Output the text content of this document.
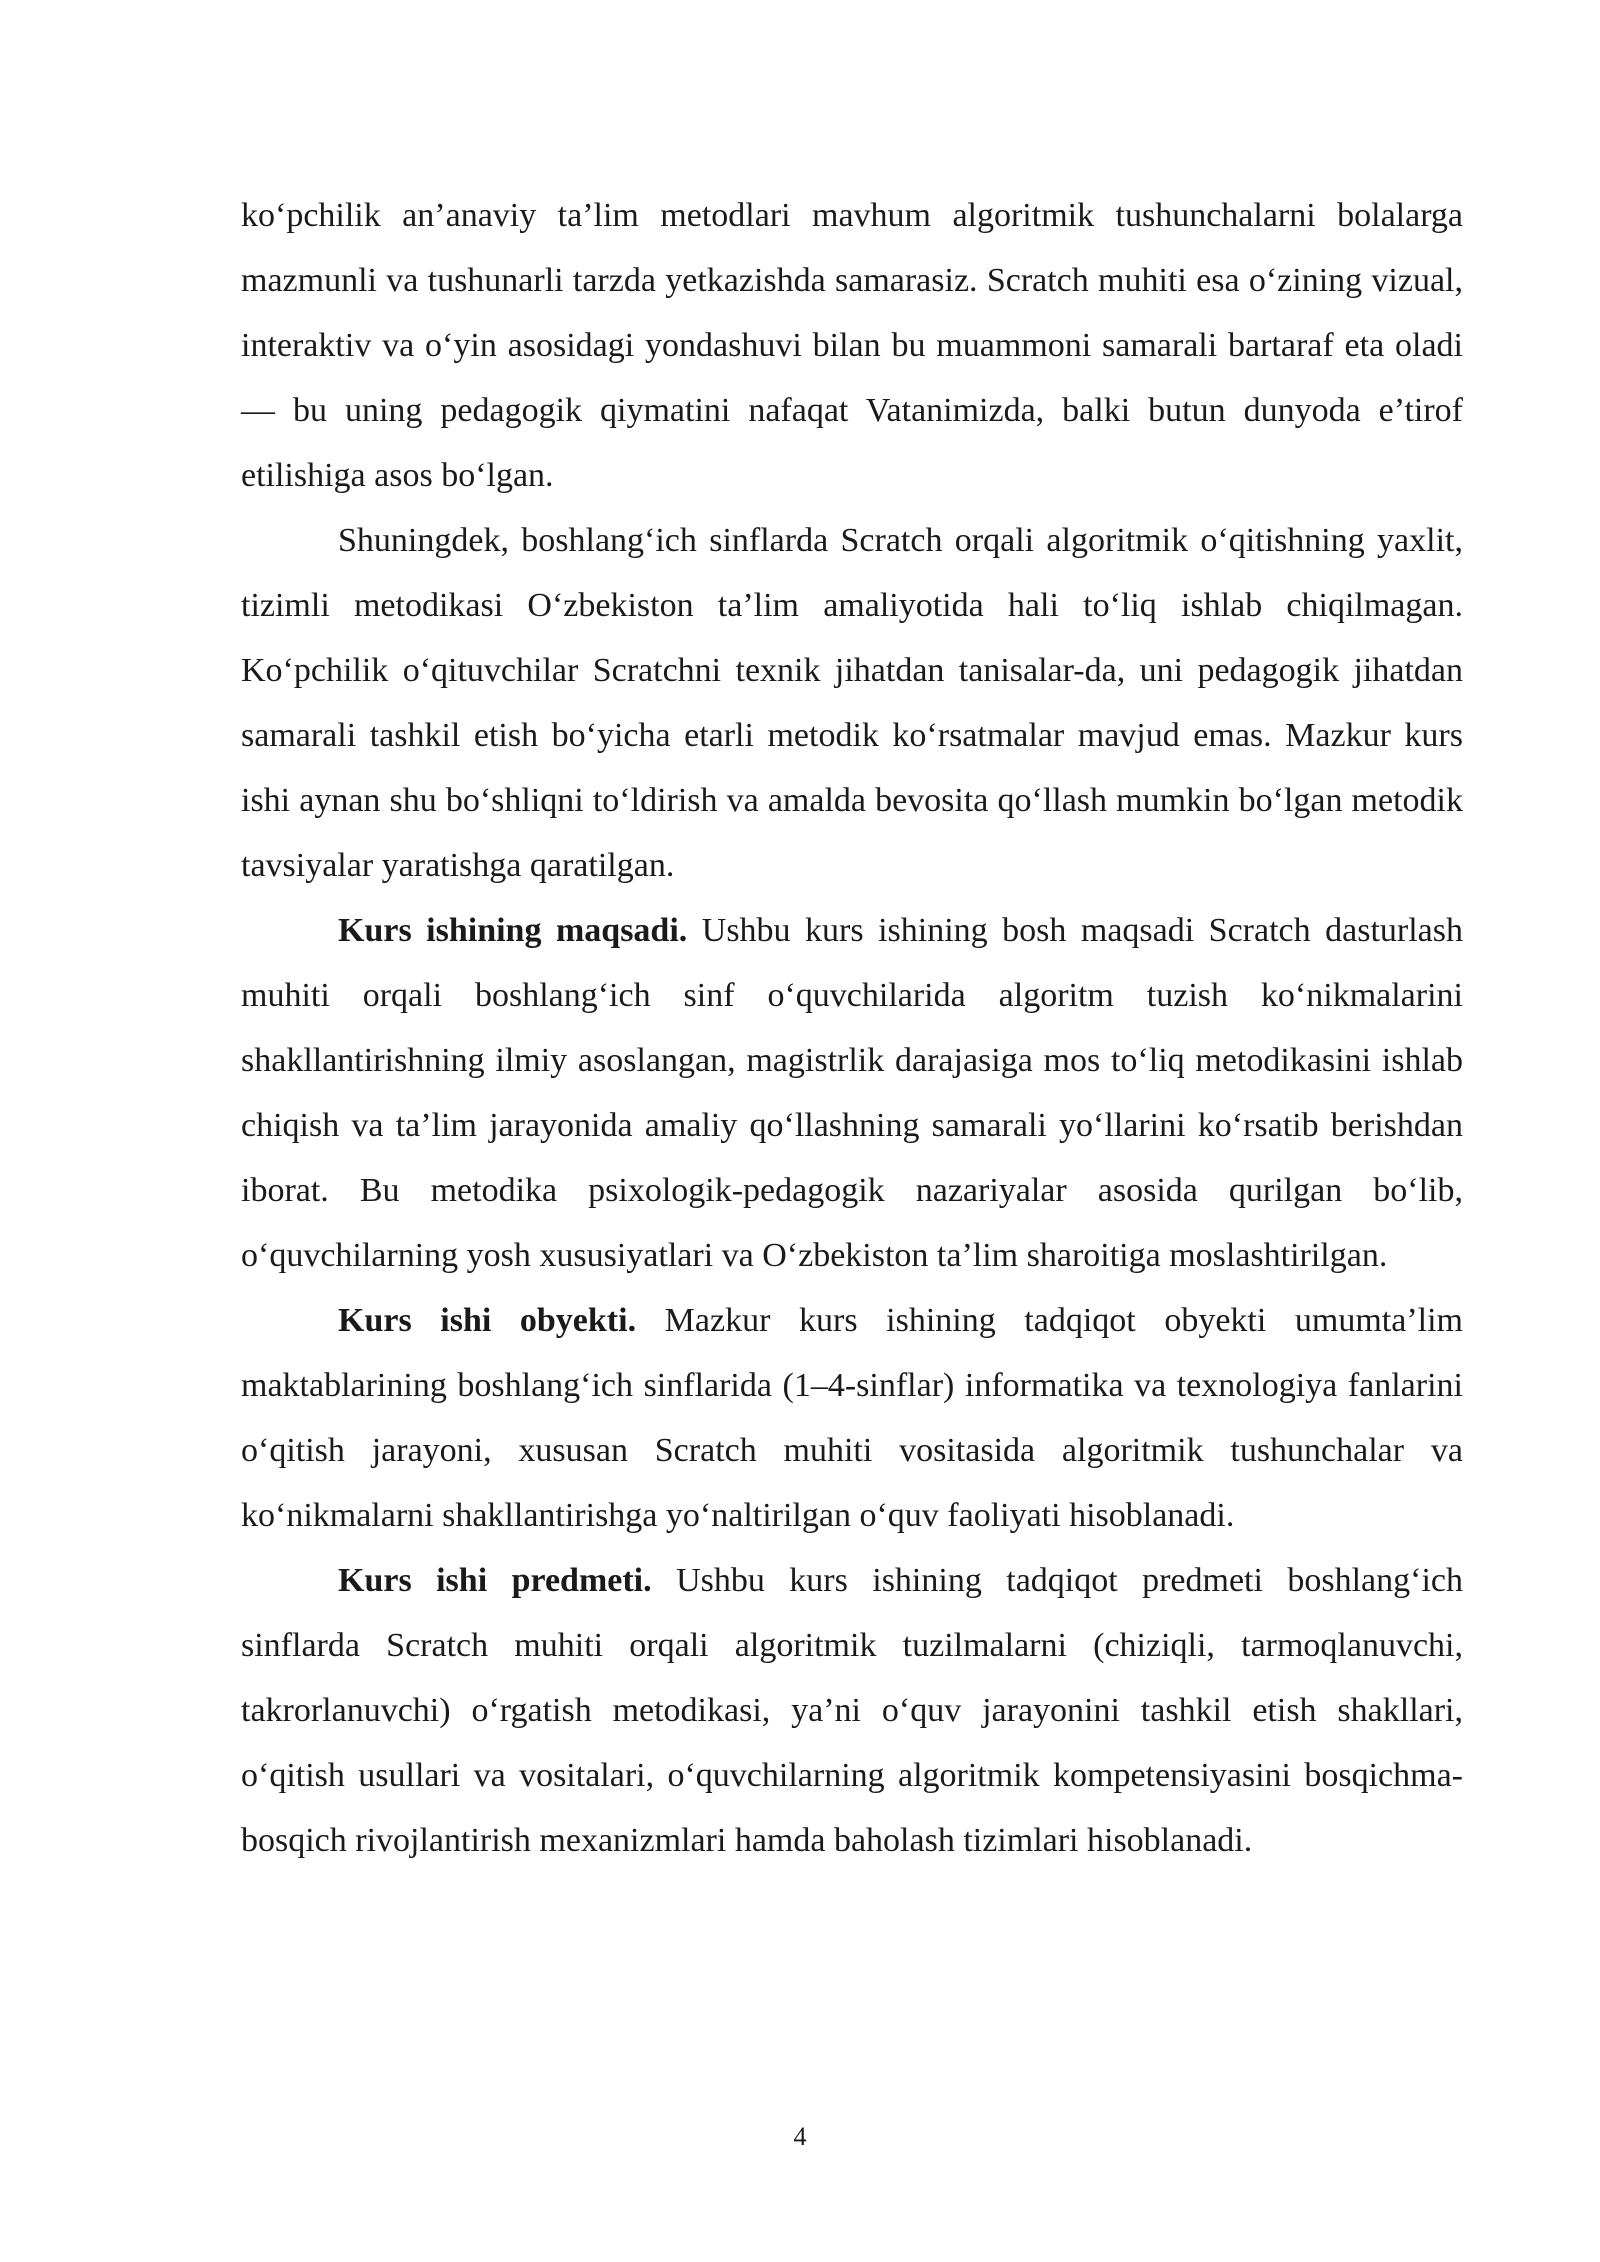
ko‘pchilik an’anaviy ta’lim metodlari mavhum algoritmik tushunchalarni bolalarga mazmunli va tushunarli tarzda yetkazishda samarasiz. Scratch muhiti esa o‘zining vizual, interaktiv va o‘yin asosidagi yondashuvi bilan bu muammoni samarali bartaraf eta oladi — bu uning pedagogik qiymatini nafaqat Vatanimizda, balki butun dunyoda e’tirof etilishiga asos bo‘lgan.

Shuningdek, boshlang‘ich sinflarda Scratch orqali algoritmik o‘qitishning yaxlit, tizimli metodikasi O‘zbekiston ta’lim amaliyotida hali to‘liq ishlab chiqilmagan. Ko‘pchilik o‘qituvchilar Scratchni texnik jihatdan tanisalar-da, uni pedagogik jihatdan samarali tashkil etish bo‘yicha etarli metodik ko‘rsatmalar mavjud emas. Mazkur kurs ishi aynan shu bo‘shliqni to‘ldirish va amalda bevosita qo‘llash mumkin bo‘lgan metodik tavsiyalar yaratishga qaratilgan.

Kurs ishining maqsadi. Ushbu kurs ishining bosh maqsadi Scratch dasturlash muhiti orqali boshlang‘ich sinf o‘quvchilarida algoritm tuzish ko‘nikmalarini shakllantirishning ilmiy asoslangan, magistrlik darajasiga mos to‘liq metodikasini ishlab chiqish va ta’lim jarayonida amaliy qo‘llashning samarali yo‘llarini ko‘rsatib berishdan iborat. Bu metodika psixologik-pedagogik nazariyalar asosida qurilgan bo‘lib, o‘quvchilarning yosh xususiyatlari va O‘zbekiston ta’lim sharoitiga moslashtirilgan.

Kurs ishi obyekti. Mazkur kurs ishining tadqiqot obyekti umumta’lim maktablarining boshlang‘ich sinflarida (1–4-sinflar) informatika va texnologiya fanlarini o‘qitish jarayoni, xususan Scratch muhiti vositasida algoritmik tushunchalar va ko‘nikmalarni shakllantirishga yo‘naltirilgan o‘quv faoliyati hisoblanadi.

Kurs ishi predmeti. Ushbu kurs ishining tadqiqot predmeti boshlang‘ich sinflarda Scratch muhiti orqali algoritmik tuzilmalarni (chiziqli, tarmoqlanuvchi, takrorlanuvchi) o‘rgatish metodikasi, ya’ni o‘quv jarayonini tashkil etish shakllari, o‘qitish usullari va vositalari, o‘quvchilarning algoritmik kompetensiyasini bosqichma-bosqich rivojlantirish mexanizmlari hamda baholash tizimlari hisoblanadi.

4
